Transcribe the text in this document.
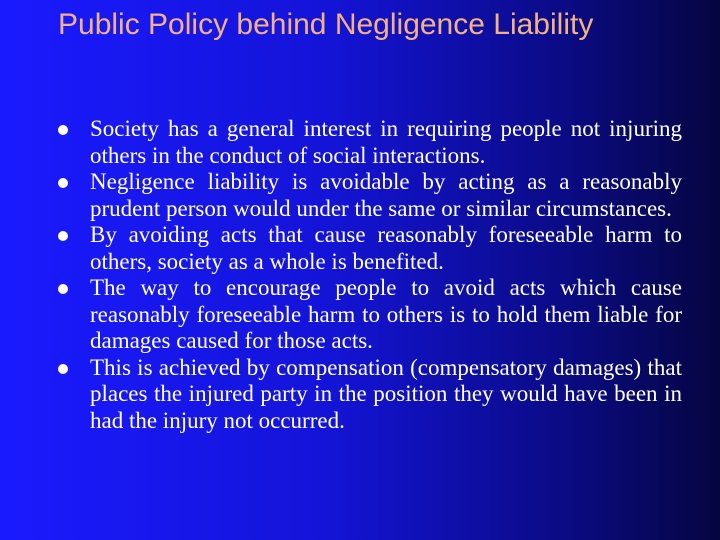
Public Policy behind Negligence Liability
Society has a general interest in requiring people not injuring others in the conduct of social interactions.
Negligence liability is avoidable by acting as a reasonably prudent person would under the same or similar circumstances.
By avoiding acts that cause reasonably foreseeable harm to others, society as a whole is benefited.
The way to encourage people to avoid acts which cause reasonably foreseeable harm to others is to hold them liable for damages caused for those acts.
This is achieved by compensation (compensatory damages) that places the injured party in the position they would have been in had the injury not occurred.
